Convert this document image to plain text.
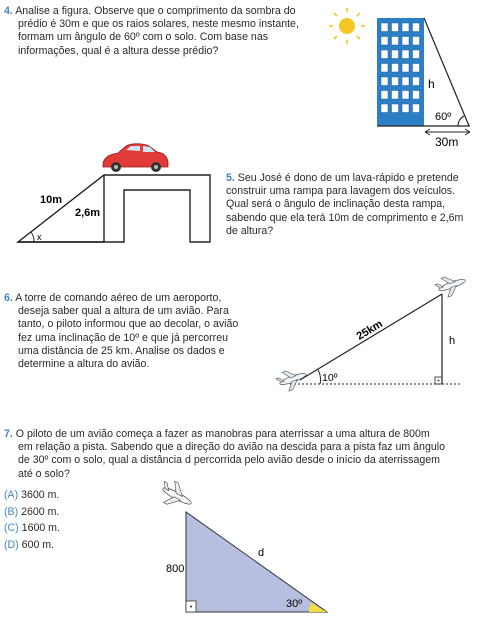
4. Analise a figura. Observe que o comprimento da sombra do
prédio é 30m e que os raios solares, neste mesmo instante,
formam um ângulo de 60º com o solo. Com base nas
informações, qual é a altura desse prédio?
5. Seu José é dono de um lava-rápido e pretende
construir uma rampa para lavagem dos veículos.
Qual será o ângulo de inclinação desta rampa,
sabendo que ela terá 10m de comprimento e 2,6m
de altura?
6. A torre de comando aéreo de um aeroporto,
deseja saber qual a altura de um avião. Para
tanto, o piloto informou que ao decolar, o avião
fez uma inclinação de 10º e que já percorreu
uma distância de 25 km. Analise os dados e
determine a altura do avião.
7. O piloto de um avião começa a fazer as manobras para aterrissar a uma altura de 800m
em relação a pista. Sabendo que a direção do avião na descida para a pista faz um ângulo
de 30º com o solo, qual a distância d percorrida pelo avião desde o início da aterrissagem
até o solo?
(A) 3600 m.
(B) 2600 m.
(C) 1600 m.
(D) 600 m.
h
60º
30m
x
10m
2,6m
10º
25km	h
800
d
30º
